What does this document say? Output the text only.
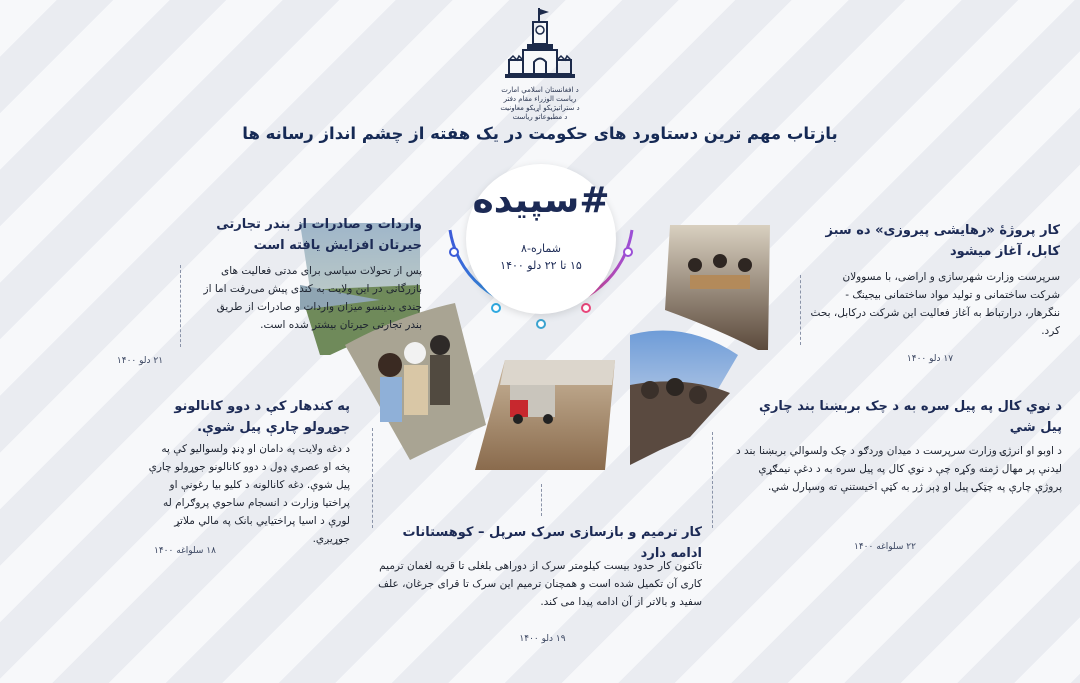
د افغانستان اسلامي امارت
رياست الوزراء مقام دفتر
د ستراتيژيکو اړيکو معاونيت
د مطبوعاتو رياست
بازتاب مهم ترین دستاورد های حکومت در یک هفته از چشم انداز رسانه ها
#سپیده
شماره-۸
۱۵ تا ۲۲ دلو ۱۴۰۰
واردات و صادرات از بندر تجارتی حیرتان افزایش یافته است
پس از تحولات سیاسی برای مدتی فعالیت های بازرگانی در این ولایت به کندی پیش می‌رفت اما از چندی بدینسو میزان واردات و صادرات از طریق بندر تجارتی حیرتان بیشتر شده است.
۲۱ دلو ۱۴۰۰
په کندهار کې د دوو کانالونو جوړولو چارې پیل شوې.
د دغه ولایت په دامان او ډنډ ولسوالیو کې په پخه او عصري ډول د دوو کانالونو جوړولو چارې پیل شوې. دغه کانالونه د کلیو بیا رغونې او پراختیا وزارت د انسجام ساحوي پروګرام له لورې د اسیا پراختیایي بانک په مالي ملاتړ جوړیږي.
۱۸ سلواغه ۱۴۰۰
کار ترمیم و بازسازی سرک سرپل – کوهستانات ادامه دارد
تاکنون کار حدود بیست کیلومتر سرک از دوراهی بلغلی تا قریه لغمان ترمیم کاری آن تکمیل شده است و همچنان ترمیم این سرک تا قرای جرغان، علف سفید و بالاتر از آن ادامه پیدا می کند.
۱۹ دلو ۱۴۰۰
کار پروژهٔ «رهایشی پیروزی» ده سبز کابل، آغاز میشود
سرپرست وزارت شهرسازی و اراضی، با مسوولان شرکت ساختمانی و تولید مواد ساختمانی بیجینګ - ننگرهار، درارتباط به آغاز فعالیت این شرکت درکابل، بحث کرد.
۱۷ دلو ۱۴۰۰
د نوي کال په پیل سره به د چک بربښنا بند چارې پیل شي
د اوبو او انرژۍ وزارت سرپرست د میدان وردګو د چک ولسوالي بربښنا بند د لیدنې پر مهال ژمنه وکړه چې د نوي کال په پیل سره به د دغې نیمګړې پروژې چارې په چټکۍ پیل او ډېر ژر به کټې اخیستنې ته وسپارل شي.
۲۲ سلواغه ۱۴۰۰
